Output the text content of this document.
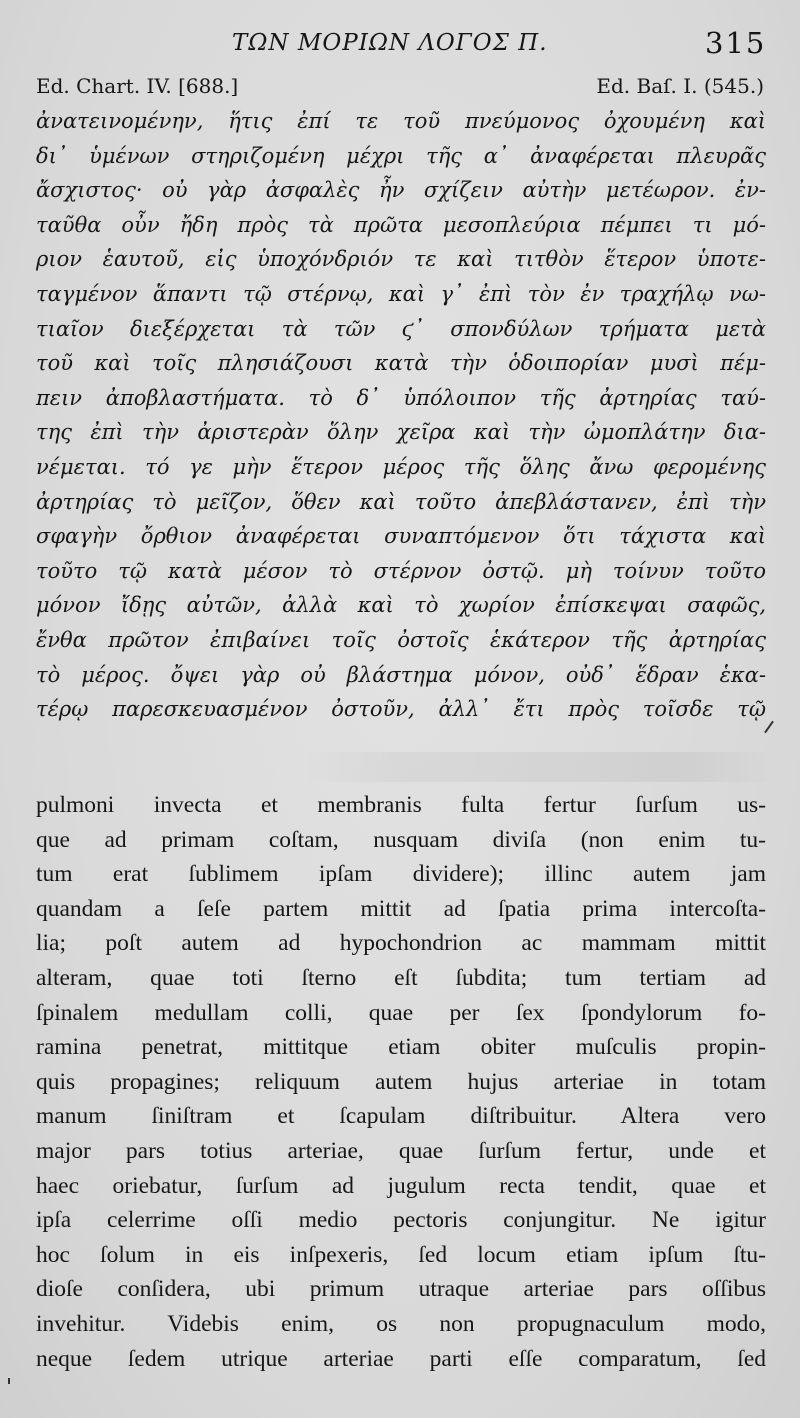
ΤΩΝ ΜΟΡΙΩΝ ΛΟΓΟΣ Π.	315
Ed. Chart. IV. [688.]	Ed. Baſ. I. (545.)
ἀνατεινομένην, ἥτις ἐπί τε τοῦ πνεύμονος ὀχουμένη καὶ
δι᾽ ὑμένων στηριζομένη μέχρι τῆς α᾽ ἀναφέρεται πλευρᾶς
ἄσχιστος· οὐ γὰρ ἀσφαλὲς ἦν σχίζειν αὐτὴν μετέωρον. ἐν-
ταῦθα οὖν ἤδη πρὸς τὰ πρῶτα μεσοπλεύρια πέμπει τι μό-
ριον ἑαυτοῦ, εἰς ὑποχόνδριόν τε καὶ τιτθὸν ἕτερον ὑποτε-
ταγμένον ἅπαντι τῷ στέρνῳ, καὶ γ᾽ ἐπὶ τὸν ἐν τραχήλῳ νω-
τιαῖον διεξέρχεται τὰ τῶν ϛ᾽ σπονδύλων τρήματα μετὰ
τοῦ καὶ τοῖς πλησιάζουσι κατὰ τὴν ὁδοιπορίαν μυσὶ πέμ-
πειν ἀποβλαστήματα. τὸ δ᾽ ὑπόλοιπον τῆς ἀρτηρίας ταύ-
της ἐπὶ τὴν ἀριστερὰν ὅλην χεῖρα καὶ τὴν ὠμοπλάτην δια-
νέμεται. τό γε μὴν ἕτερον μέρος τῆς ὅλης ἄνω φερομένης
ἀρτηρίας τὸ μεῖζον, ὅθεν καὶ τοῦτο ἀπεβλάστανεν, ἐπὶ τὴν
σφαγὴν ὄρθιον ἀναφέρεται συναπτόμενον ὅτι τάχιστα καὶ
τοῦτο τῷ κατὰ μέσον τὸ στέρνον ὀστῷ. μὴ τοίνυν τοῦτο
μόνον ἴδῃς αὐτῶν, ἀλλὰ καὶ τὸ χωρίον ἐπίσκεψαι σαφῶς,
ἔνθα πρῶτον ἐπιβαίνει τοῖς ὀστοῖς ἑκάτερον τῆς ἀρτηρίας
τὸ μέρος. ὄψει γὰρ οὐ βλάστημα μόνον, οὐδ᾽ ἕδραν ἑκα-
τέρῳ παρεσκευασμένον ὀστοῦν, ἀλλ᾽ ἔτι πρὸς τοῖσδε τῷ
pulmoni invecta et membranis fulta fertur ſurſum us-
que ad primam coſtam, nusquam diviſa (non enim tu-
tum erat ſublimem ipſam dividere); illinc autem jam
quandam a ſeſe partem mittit ad ſpatia prima intercoſta-
lia; poſt autem ad hypochondrion ac mammam mittit
alteram, quae toti ſterno eſt ſubdita; tum tertiam ad
ſpinalem medullam colli, quae per ſex ſpondylorum fo-
ramina penetrat, mittitque etiam obiter muſculis propin-
quis propagines; reliquum autem hujus arteriae in totam
manum ſiniſtram et ſcapulam diſtribuitur. Altera vero
major pars totius arteriae, quae ſurſum fertur, unde et
haec oriebatur, ſurſum ad jugulum recta tendit, quae et
ipſa celerrime oſſi medio pectoris conjungitur. Ne igitur
hoc ſolum in eis inſpexeris, ſed locum etiam ipſum ſtu-
dioſe conſidera, ubi primum utraque arteriae pars oſſibus
invehitur. Videbis enim, os non propugnaculum modo,
neque ſedem utrique arteriae parti eſſe comparatum, ſed
